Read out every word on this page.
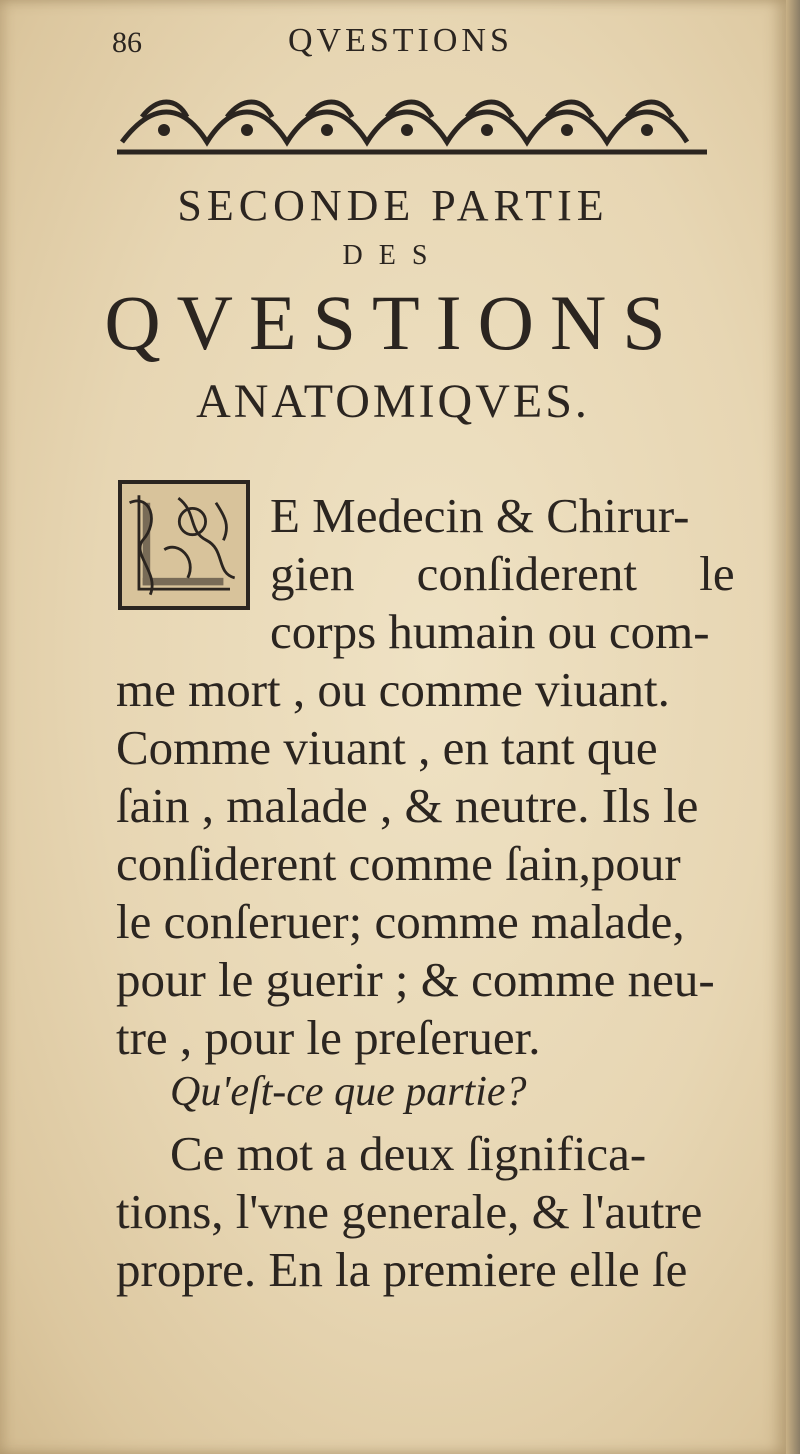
86	QVESTIONS
SECONDE PARTIE
DES
QVESTIONS
ANATOMIQVES.
E Medecin & Chirur-
gien conſiderent le
corps humain ou com-
me mort , ou comme viuant.
Comme viuant , en tant que
ſain , malade , & neutre. Ils le
conſiderent comme ſain,pour
le conſeruer; comme malade,
pour le guerir ; & comme neu-
tre , pour le preſeruer.
Qu'eſt-ce que partie?
Ce mot a deux ſignifica-
tions, l'vne generale, & l'autre
propre. En la premiere elle ſe
